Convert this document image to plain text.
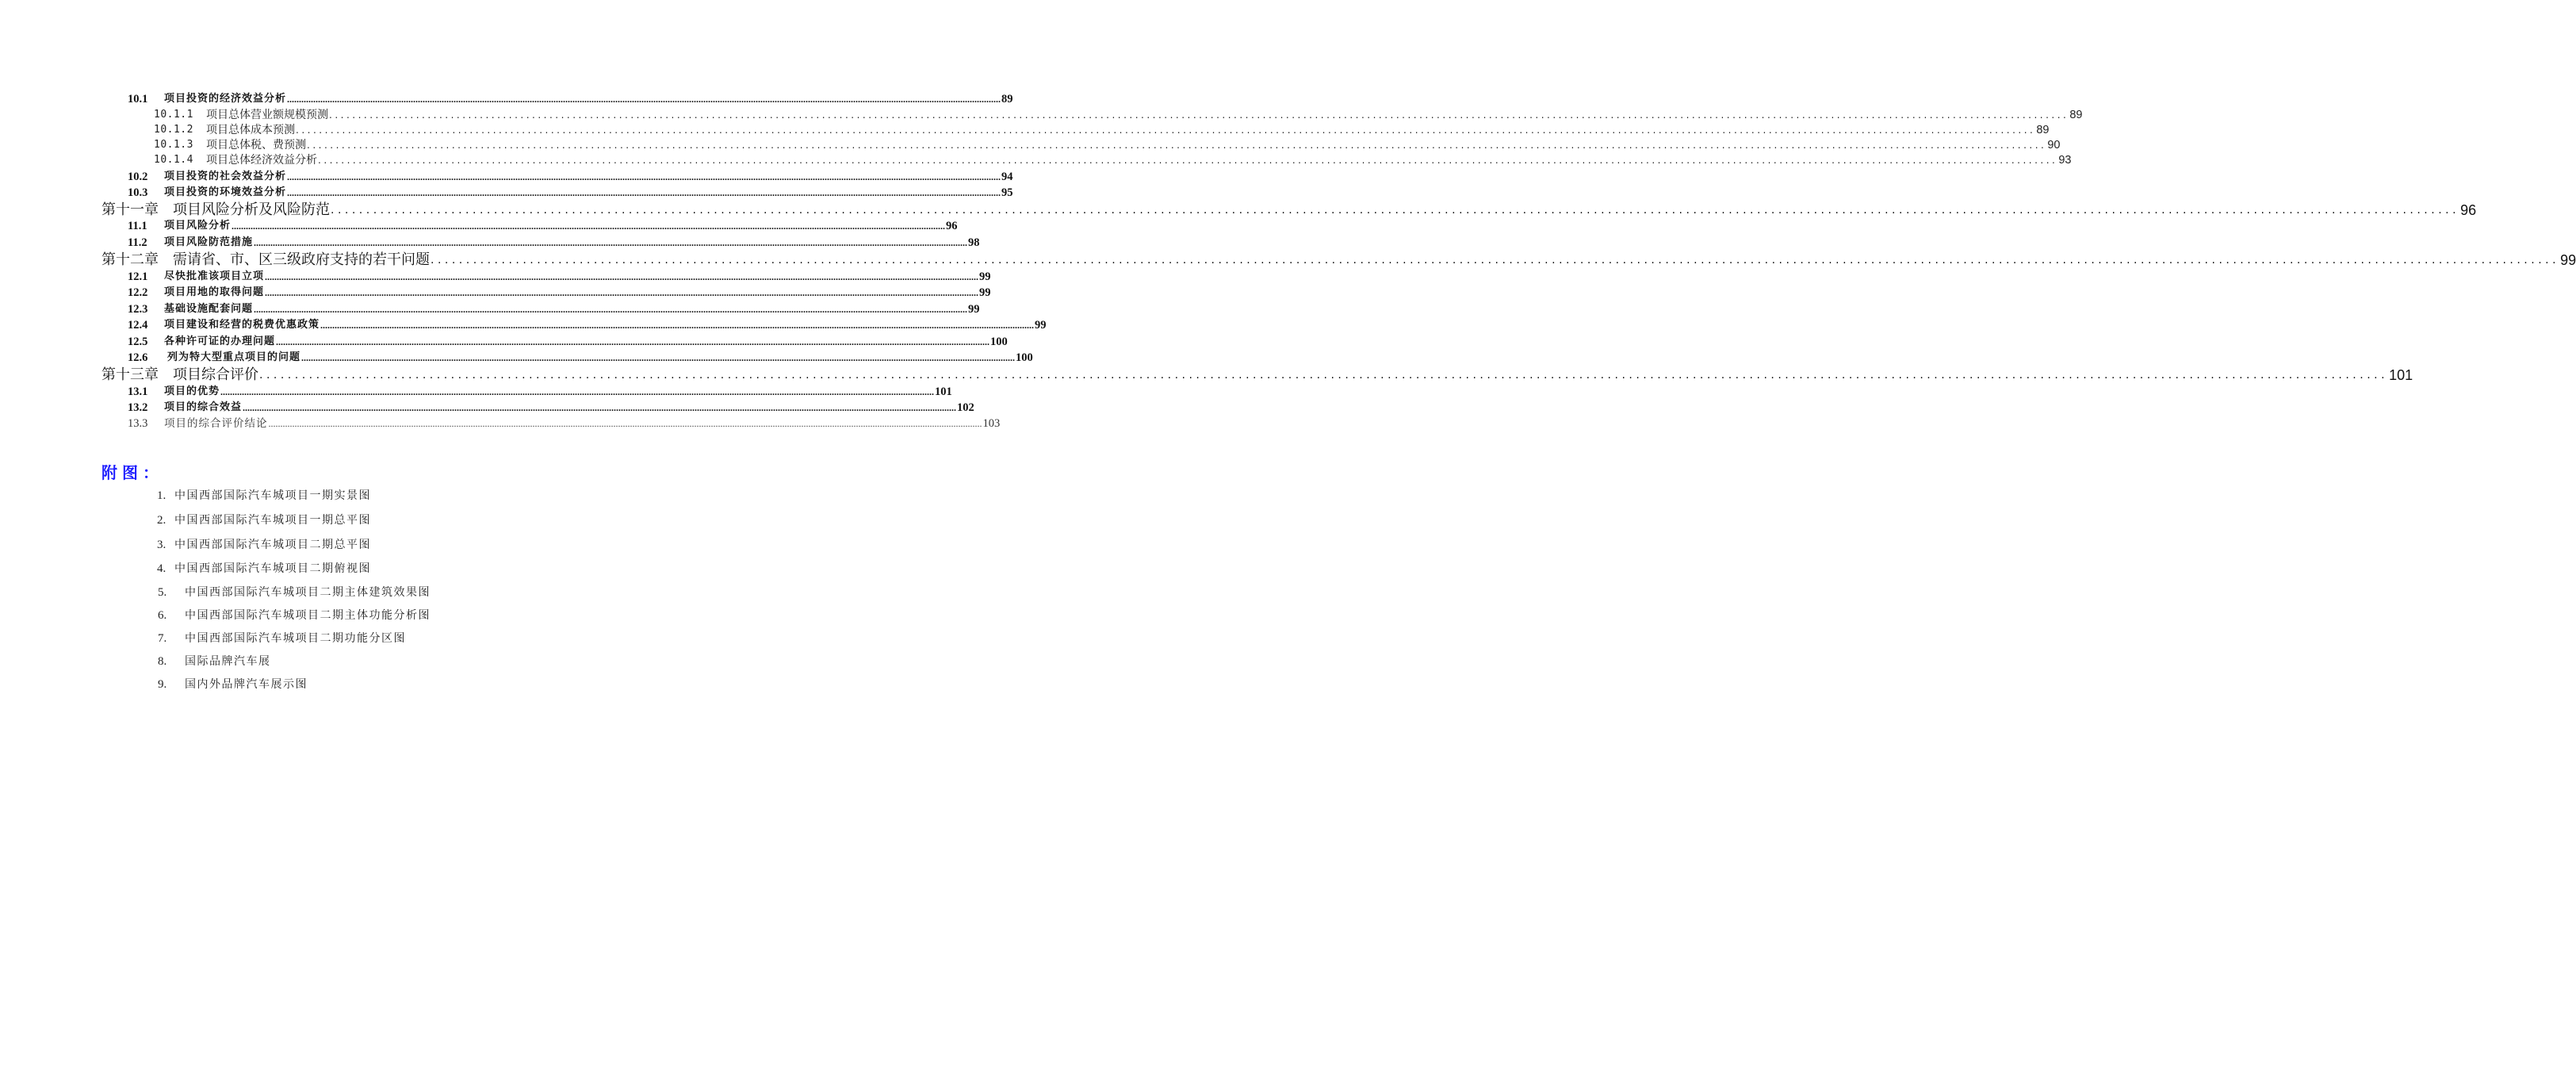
10.1	项目投资的经济效益分析 ............................................................................................................................................................................................................................................................................................................ 89
10.1.1	项目总体营业额规模预测 ............................................................................................................................................................................................................................................................................................................ 89
10.1.2	项目总体成本预测 ............................................................................................................................................................................................................................................................................................................ 89
10.1.3	项目总体税、费预测 ............................................................................................................................................................................................................................................................................................................ 90
10.1.4	项目总体经济效益分析 ............................................................................................................................................................................................................................................................................................................ 93
10.2	项目投资的社会效益分析 ............................................................................................................................................................................................................................................................................................................ 94
10.3	项目投资的环境效益分析 ............................................................................................................................................................................................................................................................................................................ 95
第十一章 项目风险分析及风险防范 ............................................................................................................................................................................................................................................................................................................ 96
11.1	项目风险分析 ............................................................................................................................................................................................................................................................................................................ 96
11.2	项目风险防范措施 ............................................................................................................................................................................................................................................................................................................ 98
第十二章 需请省、市、区三级政府支持的若干问题 ............................................................................................................................................................................................................................................................................................................ 99
12.1	尽快批准该项目立项 ............................................................................................................................................................................................................................................................................................................ 99
12.2	项目用地的取得问题 ............................................................................................................................................................................................................................................................................................................ 99
12.3	基础设施配套问题 ............................................................................................................................................................................................................................................................................................................ 99
12.4	项目建设和经营的税费优惠政策 ............................................................................................................................................................................................................................................................................................................ 99
12.5	各种许可证的办理问题 ............................................................................................................................................................................................................................................................................................................ 100
12.6	列为特大型重点项目的问题 ............................................................................................................................................................................................................................................................................................................ 100
第十三章 项目综合评价 ............................................................................................................................................................................................................................................................................................................ 101
13.1	项目的优势 ............................................................................................................................................................................................................................................................................................................ 101
13.2	项目的综合效益 ............................................................................................................................................................................................................................................................................................................ 102
13.3	项目的综合评价结论 ............................................................................................................................................................................................................................................................................................................ 103
附图：
1. 中国西部国际汽车城项目一期实景图
2. 中国西部国际汽车城项目一期总平图
3. 中国西部国际汽车城项目二期总平图
4. 中国西部国际汽车城项目二期俯视图
5. 中国西部国际汽车城项目二期主体建筑效果图
6. 中国西部国际汽车城项目二期主体功能分析图
7. 中国西部国际汽车城项目二期功能分区图
8. 国际品牌汽车展
9. 国内外品牌汽车展示图
